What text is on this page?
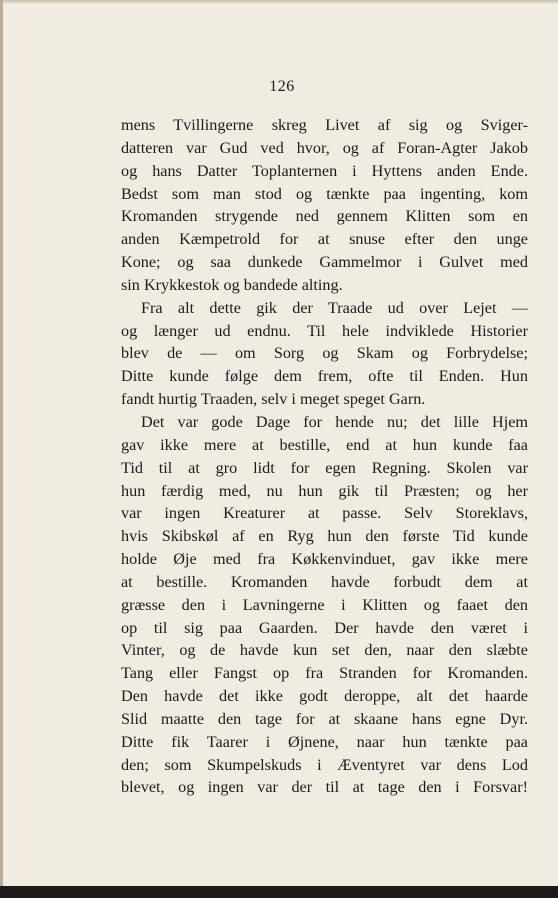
126
mens Tvillingerne skreg Livet af sig og Sviger-
datteren var Gud ved hvor, og af Foran-Agter Jakob
og hans Datter Toplanternen i Hyttens anden Ende.
Bedst som man stod og tænkte paa ingenting, kom
Kromanden strygende ned gennem Klitten som en
anden Kæmpetrold for at snuse efter den unge
Kone; og saa dunkede Gammelmor i Gulvet med
sin Krykkestok og bandede alting.
Fra alt dette gik der Traade ud over Lejet —
og længer ud endnu. Til hele indviklede Historier
blev de — om Sorg og Skam og Forbrydelse;
Ditte kunde følge dem frem, ofte til Enden. Hun
fandt hurtig Traaden, selv i meget speget Garn.
Det var gode Dage for hende nu; det lille Hjem
gav ikke mere at bestille, end at hun kunde faa
Tid til at gro lidt for egen Regning. Skolen var
hun færdig med, nu hun gik til Præsten; og her
var ingen Kreaturer at passe. Selv Storeklavs,
hvis Skibskøl af en Ryg hun den første Tid kunde
holde Øje med fra Køkkenvinduet, gav ikke mere
at bestille. Kromanden havde forbudt dem at
græsse den i Lavningerne i Klitten og faaet den
op til sig paa Gaarden. Der havde den været i
Vinter, og de havde kun set den, naar den slæbte
Tang eller Fangst op fra Stranden for Kromanden.
Den havde det ikke godt deroppe, alt det haarde
Slid maatte den tage for at skaane hans egne Dyr.
Ditte fik Taarer i Øjnene, naar hun tænkte paa
den; som Skumpelskuds i Æventyret var dens Lod
blevet, og ingen var der til at tage den i Forsvar!
